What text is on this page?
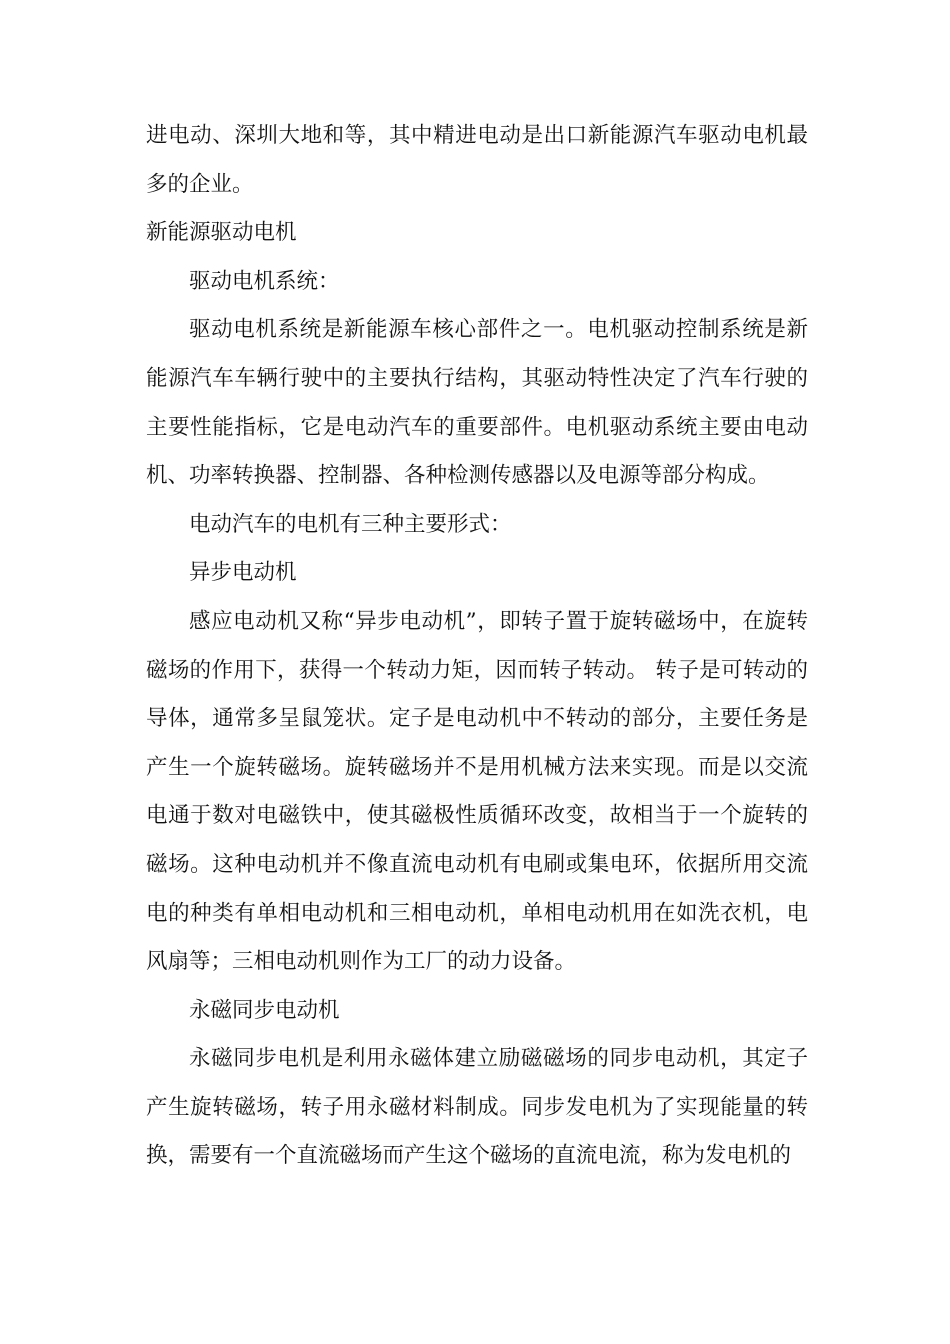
进电动、深圳大地和等，其中精进电动是出口新能源汽车驱动电机最多的企业。

新能源驱动电机

驱动电机系统：

驱动电机系统是新能源车核心部件之一。电机驱动控制系统是新能源汽车车辆行驶中的主要执行结构，其驱动特性决定了汽车行驶的主要性能指标，它是电动汽车的重要部件。电机驱动系统主要由电动机、功率转换器、控制器、各种检测传感器以及电源等部分构成。

电动汽车的电机有三种主要形式：

异步电动机

感应电动机又称“异步电动机”，即转子置于旋转磁场中，在旋转磁场的作用下，获得一个转动力矩，因而转子转动。 转子是可转动的导体，通常多呈鼠笼状。定子是电动机中不转动的部分，主要任务是产生一个旋转磁场。旋转磁场并不是用机械方法来实现。而是以交流电通于数对电磁铁中，使其磁极性质循环改变，故相当于一个旋转的磁场。这种电动机并不像直流电动机有电刷或集电环，依据所用交流电的种类有单相电动机和三相电动机，单相电动机用在如洗衣机，电风扇等；三相电动机则作为工厂的动力设备。

永磁同步电动机

永磁同步电机是利用永磁体建立励磁磁场的同步电动机，其定子产生旋转磁场，转子用永磁材料制成。同步发电机为了实现能量的转换，需要有一个直流磁场而产生这个磁场的直流电流，称为发电机的
